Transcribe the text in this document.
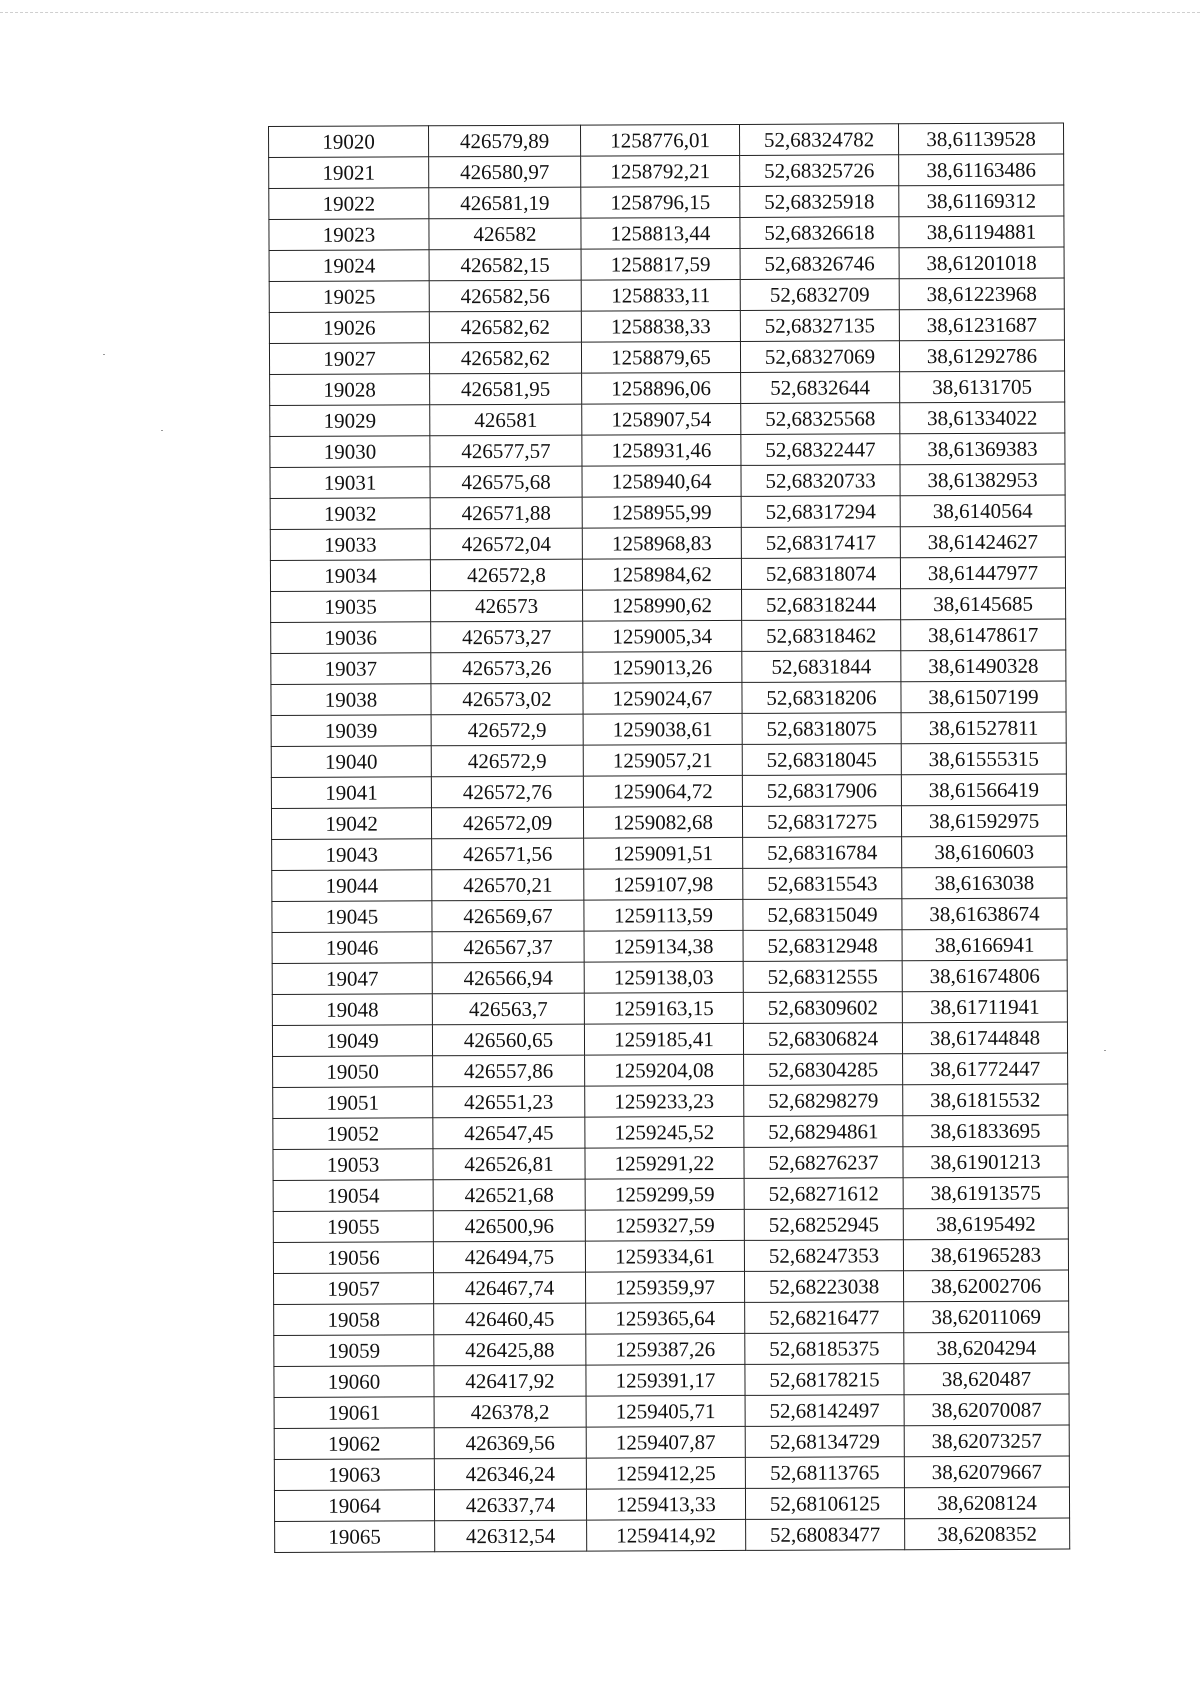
19020	426579,89	1258776,01	52,68324782	38,61139528
19021	426580,97	1258792,21	52,68325726	38,61163486
19022	426581,19	1258796,15	52,68325918	38,61169312
19023	426582	1258813,44	52,68326618	38,61194881
19024	426582,15	1258817,59	52,68326746	38,61201018
19025	426582,56	1258833,11	52,6832709	38,61223968
19026	426582,62	1258838,33	52,68327135	38,61231687
19027	426582,62	1258879,65	52,68327069	38,61292786
19028	426581,95	1258896,06	52,6832644	38,6131705
19029	426581	1258907,54	52,68325568	38,61334022
19030	426577,57	1258931,46	52,68322447	38,61369383
19031	426575,68	1258940,64	52,68320733	38,61382953
19032	426571,88	1258955,99	52,68317294	38,6140564
19033	426572,04	1258968,83	52,68317417	38,61424627
19034	426572,8	1258984,62	52,68318074	38,61447977
19035	426573	1258990,62	52,68318244	38,6145685
19036	426573,27	1259005,34	52,68318462	38,61478617
19037	426573,26	1259013,26	52,6831844	38,61490328
19038	426573,02	1259024,67	52,68318206	38,61507199
19039	426572,9	1259038,61	52,68318075	38,61527811
19040	426572,9	1259057,21	52,68318045	38,61555315
19041	426572,76	1259064,72	52,68317906	38,61566419
19042	426572,09	1259082,68	52,68317275	38,61592975
19043	426571,56	1259091,51	52,68316784	38,6160603
19044	426570,21	1259107,98	52,68315543	38,6163038
19045	426569,67	1259113,59	52,68315049	38,61638674
19046	426567,37	1259134,38	52,68312948	38,6166941
19047	426566,94	1259138,03	52,68312555	38,61674806
19048	426563,7	1259163,15	52,68309602	38,61711941
19049	426560,65	1259185,41	52,68306824	38,61744848
19050	426557,86	1259204,08	52,68304285	38,61772447
19051	426551,23	1259233,23	52,68298279	38,61815532
19052	426547,45	1259245,52	52,68294861	38,61833695
19053	426526,81	1259291,22	52,68276237	38,61901213
19054	426521,68	1259299,59	52,68271612	38,61913575
19055	426500,96	1259327,59	52,68252945	38,6195492
19056	426494,75	1259334,61	52,68247353	38,61965283
19057	426467,74	1259359,97	52,68223038	38,62002706
19058	426460,45	1259365,64	52,68216477	38,62011069
19059	426425,88	1259387,26	52,68185375	38,6204294
19060	426417,92	1259391,17	52,68178215	38,620487
19061	426378,2	1259405,71	52,68142497	38,62070087
19062	426369,56	1259407,87	52,68134729	38,62073257
19063	426346,24	1259412,25	52,68113765	38,62079667
19064	426337,74	1259413,33	52,68106125	38,6208124
19065	426312,54	1259414,92	52,68083477	38,6208352
